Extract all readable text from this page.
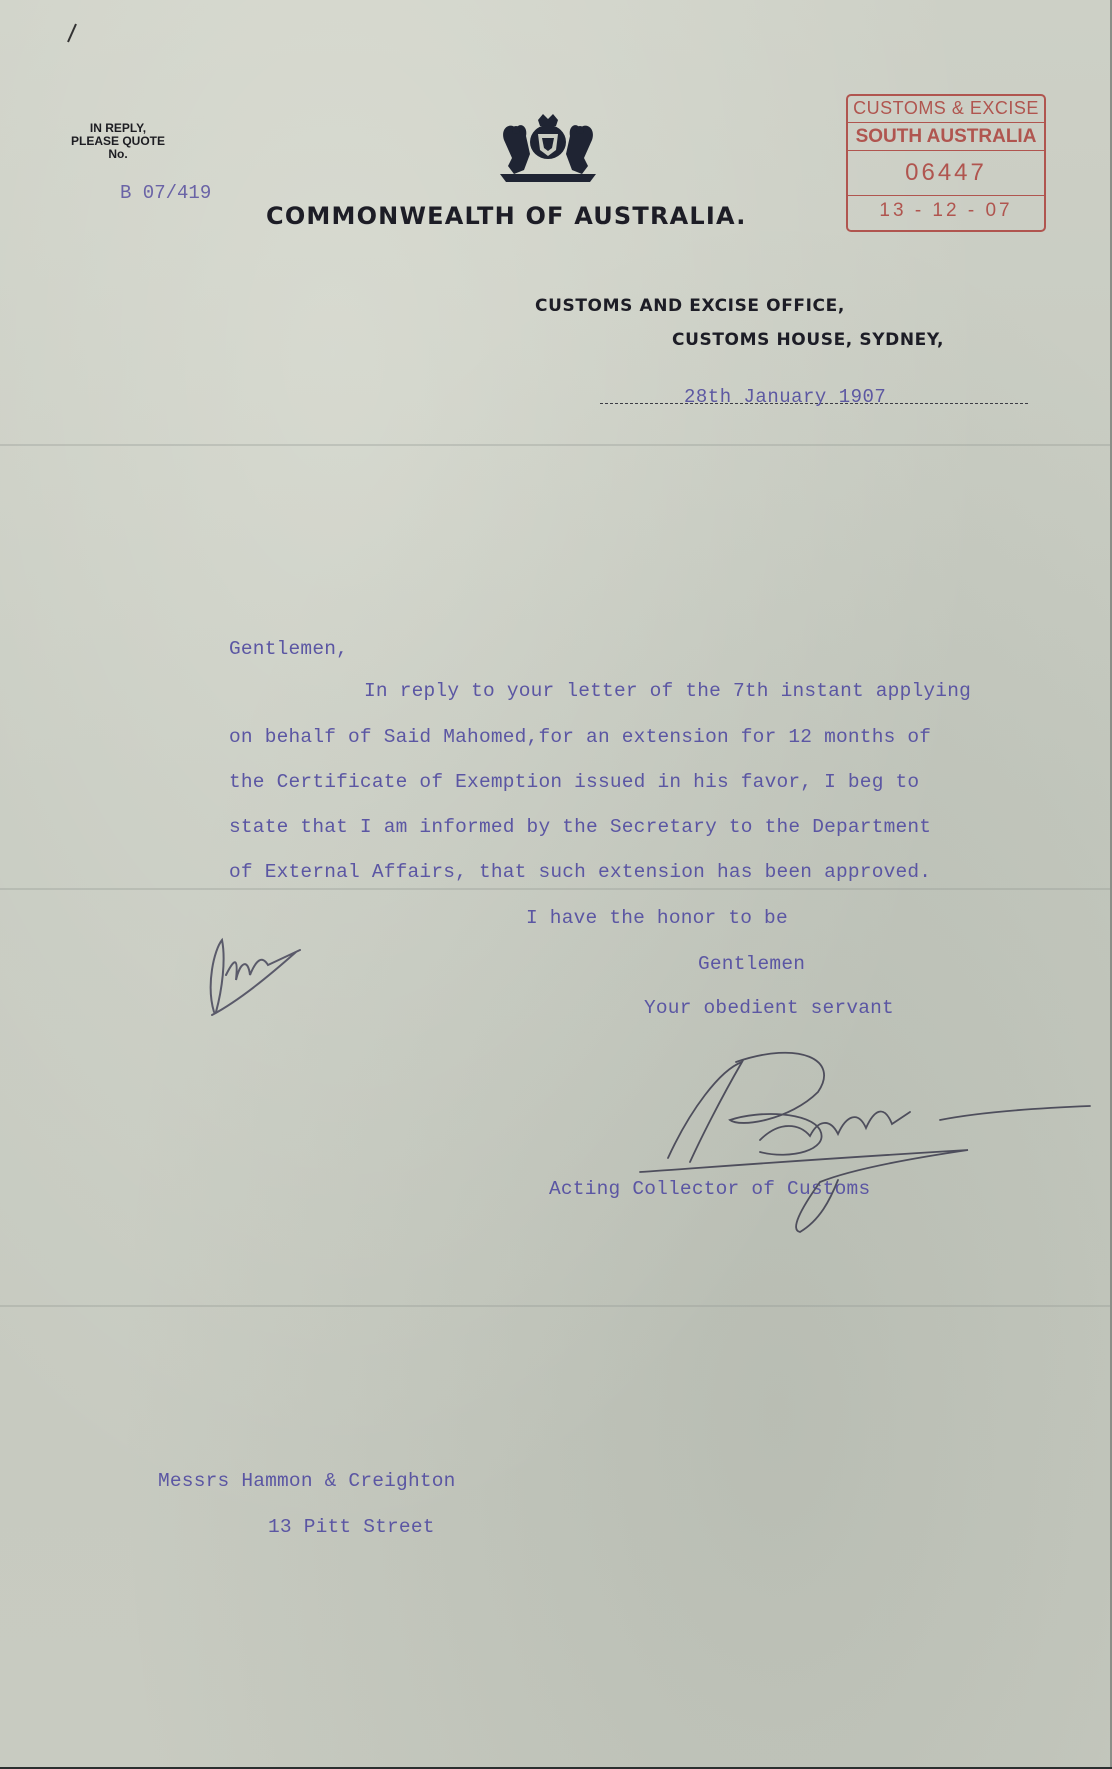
IN REPLY,
PLEASE QUOTE
No.
B 07/419
COMMONWEALTH OF AUSTRALIA.
CUSTOMS & EXCISE
SOUTH AUSTRALIA
06447
13 - 12 - 07
CUSTOMS AND EXCISE OFFICE,
CUSTOMS HOUSE, SYDNEY,
28th January 1907
Gentlemen,
In reply to your letter of the 7th instant applying
on behalf of Said Mahomed,for an extension for 12 months of
the Certificate of Exemption issued in his favor, I beg to
state that I am informed by the Secretary to the Department
of External Affairs, that such extension has been approved.
I have the honor to be
Gentlemen
Your obedient servant
Acting Collector of Customs
Messrs Hammon & Creighton
13 Pitt Street
